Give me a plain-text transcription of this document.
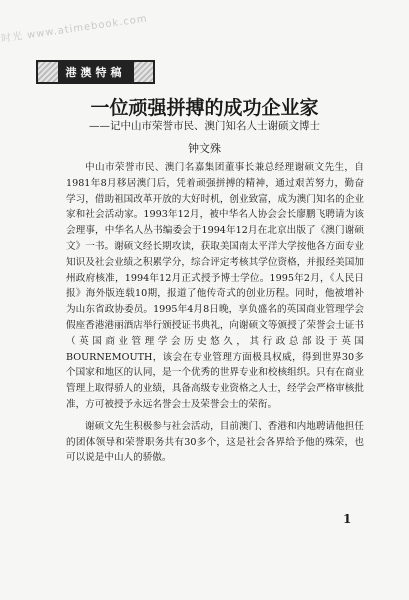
时光 www.atimebook.com
港澳特稿
一位顽强拼搏的成功企业家
——记中山市荣誉市民、澳门知名人士谢硕文博士
钟文殊

中山市荣誉市民、澳门名嘉集团董事长兼总经理谢硕文先生，自1981年8月移居澳门后，凭着顽强拼搏的精神，通过艰苦努力，勤奋学习，借助祖国改革开放的大好时机，创业致富，成为澳门知名的企业家和社会活动家。1993年12月，被中华名人协会会长廖鹏飞聘请为该会理事，中华名人丛书编委会于1994年12月在北京出版了《澳门谢硕文》一书。谢硕文经长期攻读，获取美国南太平洋大学按他各方面专业知识及社会业绩之积累学分，综合评定考核其学位资格，并报经美国加州政府核准，1994年12月正式授予博士学位。1995年2月，《人民日报》海外版连载10期，报道了他传奇式的创业历程。同时，他被增补为山东省政协委员。1995年4月8日晚，享负盛名的英国商业管理学会假座香港港丽酒店举行颁授证书典礼，向谢硕文等颁授了荣誉会士证书（英国商业管理学会历史悠久，其行政总部设于英国BOURNEMOUTH，该会在专业管理方面极具权威，得到世界30多个国家和地区的认同，是一个优秀的世界专业和校核组织。只有在商业管理上取得骄人的业绩，具备高级专业资格之人士，经学会严格审核批准，方可被授予永远名誉会士及荣誉会士的荣衔。

谢硕文先生积极参与社会活动，目前澳门、香港和内地聘请他担任的团体领导和荣誉职务共有30多个，这是社会各界给予他的殊荣，也可以说是中山人的骄傲。

1
